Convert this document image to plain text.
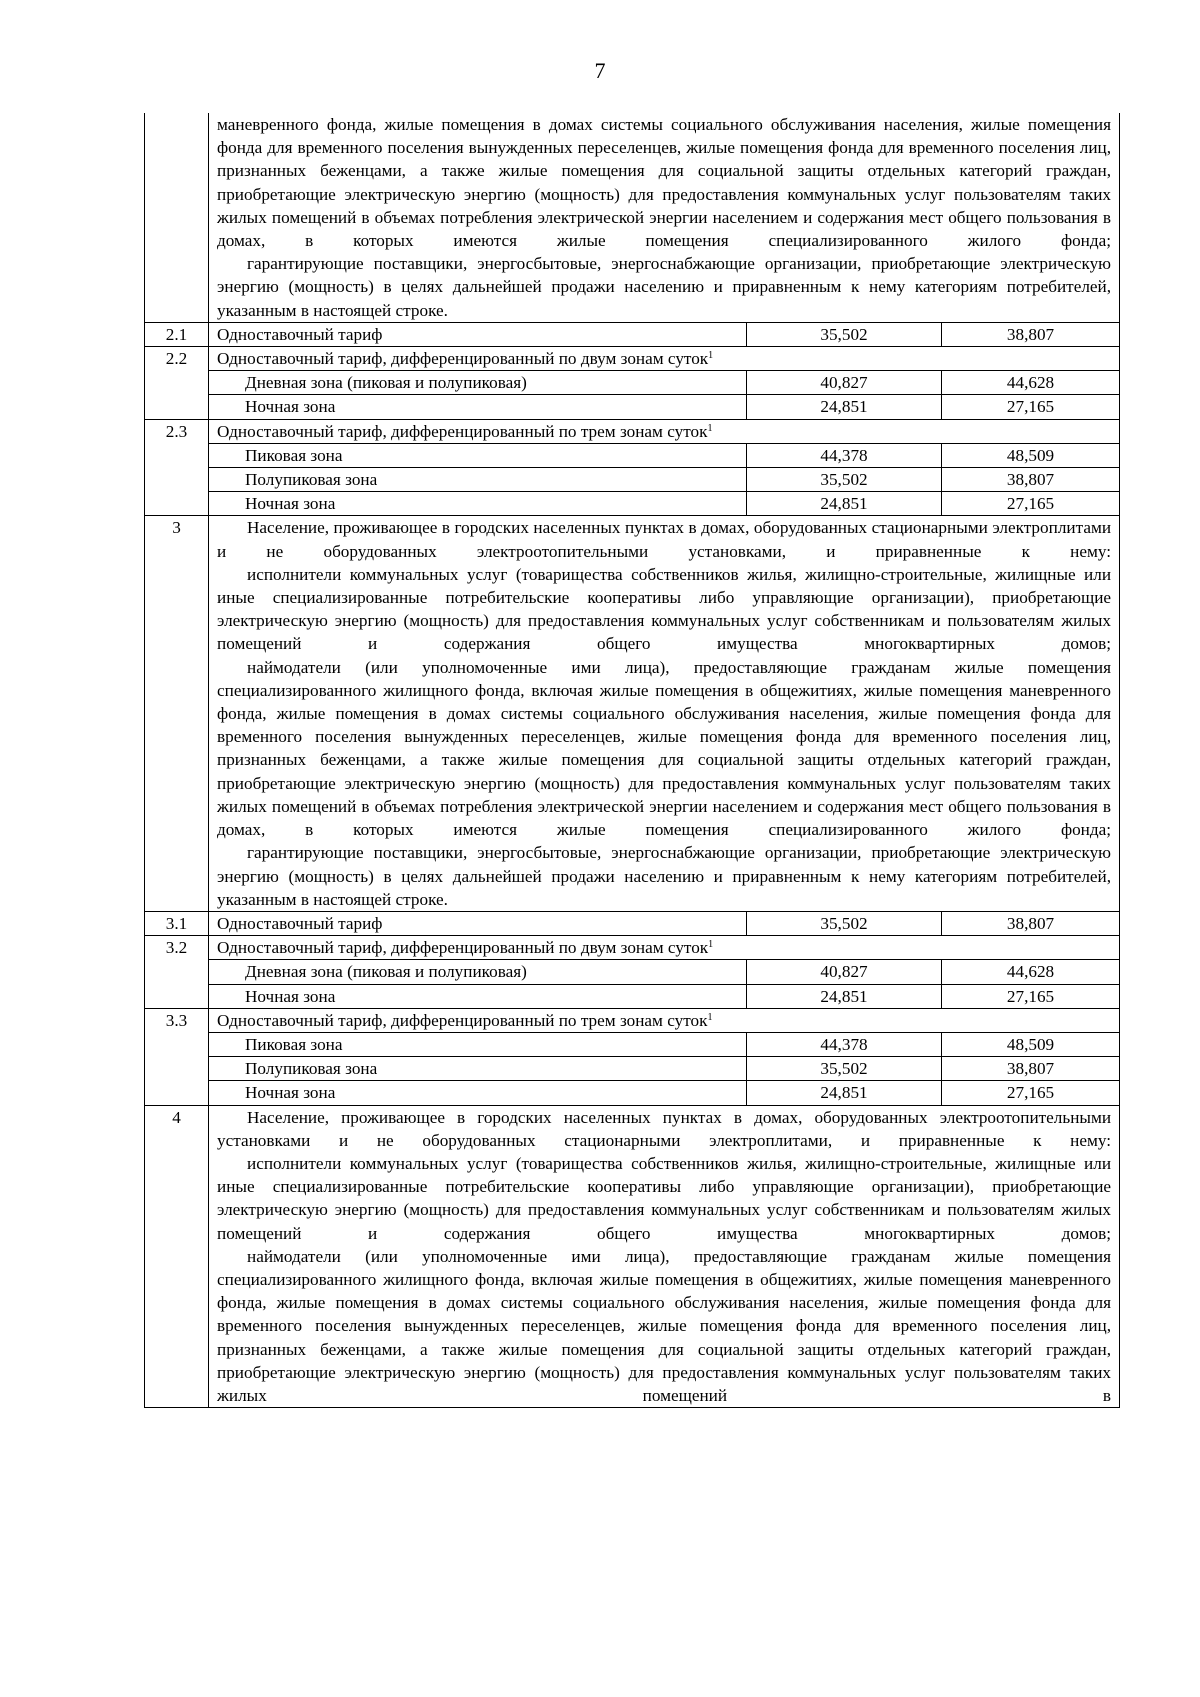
7

	маневренного фонда, жилые помещения в домах системы социального обслуживания населения, жилые помещения фонда для временного поселения вынужденных переселенцев, жилые помещения фонда для временного поселения лиц, признанных беженцами, а также жилые помещения для социальной защиты отдельных категорий граждан, приобретающие электрическую энергию (мощность) для предоставления коммунальных услуг пользователям таких жилых помещений в объемах потребления электрической энергии населением и содержания мест общего пользования в домах, в которых имеются жилые помещения специализированного жилого фонда;

гарантирующие поставщики, энергосбытовые, энергоснабжающие организации, приобретающие электрическую энергию (мощность) в целях дальнейшей продажи населению и приравненным к нему категориям потребителей, указанным в настоящей строке.		

2.1	Одноставочный тариф	35,502	38,807
2.2	Одноставочный тариф, дифференцированный по двум зонам суток$^1$
	Дневная зона (пиковая и полупиковая)	40,827	44,628
	Ночная зона	24,851	27,165
2.3	Одноставочный тариф, дифференцированный по трем зонам суток$^1$
	Пиковая зона	44,378	48,509
	Полупиковая зона	35,502	38,807
	Ночная зона	24,851	27,165
3	Население, проживающее в городских населенных пунктах в домах, оборудованных стационарными электроплитами и не оборудованных электроотопительными установками, и приравненные к нему:

исполнители коммунальных услуг (товарищества собственников жилья, жилищно-строительные, жилищные или иные специализированные потребительские кооперативы либо управляющие организации), приобретающие электрическую энергию (мощность) для предоставления коммунальных услуг собственникам и пользователям жилых помещений и содержания общего имущества многоквартирных домов;

наймодатели (или уполномоченные ими лица), предоставляющие гражданам жилые помещения специализированного жилищного фонда, включая жилые помещения в общежитиях, жилые помещения маневренного фонда, жилые помещения в домах системы социального обслуживания населения, жилые помещения фонда для временного поселения вынужденных переселенцев, жилые помещения фонда для временного поселения лиц, признанных беженцами, а также жилые помещения для социальной защиты отдельных категорий граждан, приобретающие электрическую энергию (мощность) для предоставления коммунальных услуг пользователям таких жилых помещений в объемах потребления электрической энергии населением и содержания мест общего пользования в домах, в которых имеются жилые помещения специализированного жилого фонда;

гарантирующие поставщики, энергосбытовые, энергоснабжающие организации, приобретающие электрическую энергию (мощность) в целях дальнейшей продажи населению и приравненным к нему категориям потребителей, указанным в настоящей строке.		

3.1	Одноставочный тариф	35,502	38,807
3.2	Одноставочный тариф, дифференцированный по двум зонам суток$^1$
	Дневная зона (пиковая и полупиковая)	40,827	44,628
	Ночная зона	24,851	27,165
3.3	Одноставочный тариф, дифференцированный по трем зонам суток$^1$
	Пиковая зона	44,378	48,509
	Полупиковая зона	35,502	38,807
	Ночная зона	24,851	27,165
4	Население, проживающее в городских населенных пунктах в домах, оборудованных электроотопительными установками и не оборудованных стационарными электроплитами, и приравненные к нему:

исполнители коммунальных услуг (товарищества собственников жилья, жилищно-строительные, жилищные или иные специализированные потребительские кооперативы либо управляющие организации), приобретающие электрическую энергию (мощность) для предоставления коммунальных услуг собственникам и пользователям жилых помещений и содержания общего имущества многоквартирных домов;

наймодатели (или уполномоченные ими лица), предоставляющие гражданам жилые помещения специализированного жилищного фонда, включая жилые помещения в общежитиях, жилые помещения маневренного фонда, жилые помещения в домах системы социального обслуживания населения, жилые помещения фонда для временного поселения вынужденных переселенцев, жилые помещения фонда для временного поселения лиц, признанных беженцами, а также жилые помещения для социальной защиты отдельных категорий граждан, приобретающие электрическую энергию (мощность) для предоставления коммунальных услуг пользователям таких жилых помещений в		
